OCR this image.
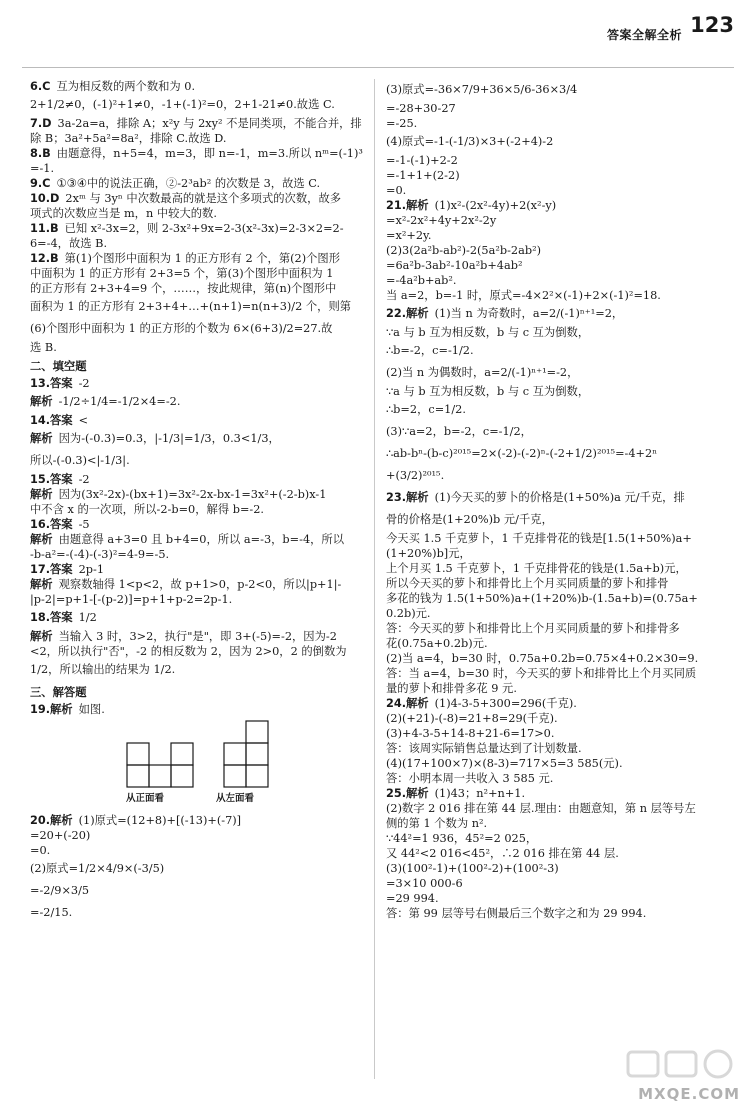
答案全解全析 123
6.C 互为相反数的两个数和为 0.
2+1/2≠0，(-1)²+1≠0，-1+(-1)²=0，2+1-21≠0.故选 C.
7.D 3a-2a=a，排除 A；x²y 与 2xy² 不是同类项，不能合并，排
除 B；3a²+5a²=8a²，排除 C.故选 D.
8.B 由题意得，n+5=4，m=3，即 n=-1，m=3.所以 nᵐ=(-1)³
=-1.
9.C ①③④中的说法正确，②-2³ab² 的次数是 3，故选 C.
10.D 2xᵐ 与 3yⁿ 中次数最高的就是这个多项式的次数，故多
项式的次数应当是 m，n 中较大的数.
11.B 已知 x²-3x=2，则 2-3x²+9x=2-3(x²-3x)=2-3×2=2-
6=-4，故选 B.
12.B 第(1)个图形中面积为 1 的正方形有 2 个，第(2)个图形
中面积为 1 的正方形有 2+3=5 个，第(3)个图形中面积为 1
的正方形有 2+3+4=9 个，……，按此规律，第(n)个图形中
面积为 1 的正方形有 2+3+4+…+(n+1)=n(n+3)/2 个，则第
(6)个图形中面积为 1 的正方形的个数为 6×(6+3)/2=27.故
选 B.
二、填空题
13.答案 -2
解析 -1/2÷1/4=-1/2×4=-2.
14.答案 <
解析 因为-(-0.3)=0.3，|-1/3|=1/3，0.3<1/3，
所以-(-0.3)<|-1/3|.
15.答案 -2
解析 因为(3x²-2x)-(bx+1)=3x²-2x-bx-1=3x²+(-2-b)x-1
中不含 x 的一次项，所以-2-b=0，解得 b=-2.
16.答案 -5
解析 由题意得 a+3=0 且 b+4=0，所以 a=-3，b=-4，所以
-b-a²=-(-4)-(-3)²=4-9=-5.
17.答案 2p-1
解析 观察数轴得 1<p<2，故 p+1>0，p-2<0，所以|p+1|-
|p-2|=p+1-[-(p-2)]=p+1+p-2=2p-1.
18.答案 1/2
解析 当输入 3 时，3>2，执行"是"，即 3+(-5)=-2，因为-2
<2，所以执行"否"，-2 的相反数为 2，因为 2>0，2 的倒数为
1/2，所以输出的结果为 1/2.
三、解答题
19.解析 如图.
从正面看	从左面看
20.解析 (1)原式=(12+8)+[(-13)+(-7)]
=20+(-20)
=0.
(2)原式=1/2×4/9×(-3/5)
=-2/9×3/5
=-2/15.
(3)原式=-36×7/9+36×5/6-36×3/4
=-28+30-27
=-25.
(4)原式=-1-(-1/3)×3+(-2+4)-2
=-1-(-1)+2-2
=-1+1+(2-2)
=0.
21.解析 (1)x²-(2x²-4y)+2(x²-y)
=x²-2x²+4y+2x²-2y
=x²+2y.
(2)3(2a²b-ab²)-2(5a²b-2ab²)
=6a²b-3ab²-10a²b+4ab²
=-4a²b+ab².
当 a=2，b=-1 时，原式=-4×2²×(-1)+2×(-1)²=18.
22.解析 (1)当 n 为奇数时，a=2/(-1)ⁿ⁺¹=2，
∵a 与 b 互为相反数，b 与 c 互为倒数，
∴b=-2，c=-1/2.
(2)当 n 为偶数时，a=2/(-1)ⁿ⁺¹=-2，
∵a 与 b 互为相反数，b 与 c 互为倒数，
∴b=2，c=1/2.
(3)∵a=2，b=-2，c=-1/2，
∴ab-bⁿ-(b-c)²⁰¹⁵=2×(-2)-(-2)ⁿ-(-2+1/2)²⁰¹⁵=-4+2ⁿ
+(3/2)²⁰¹⁵.
23.解析 (1)今天买的萝卜的价格是(1+50%)a 元/千克，排
骨的价格是(1+20%)b 元/千克，
今天买 1.5 千克萝卜，1 千克排骨花的钱是[1.5(1+50%)a+
(1+20%)b]元，
上个月买 1.5 千克萝卜，1 千克排骨花的钱是(1.5a+b)元，
所以今天买的萝卜和排骨比上个月买同质量的萝卜和排骨
多花的钱为 1.5(1+50%)a+(1+20%)b-(1.5a+b)=(0.75a+
0.2b)元.
答：今天买的萝卜和排骨比上个月买同质量的萝卜和排骨多
花(0.75a+0.2b)元.
(2)当 a=4，b=30 时，0.75a+0.2b=0.75×4+0.2×30=9.
答：当 a=4，b=30 时，今天买的萝卜和排骨比上个月买同质
量的萝卜和排骨多花 9 元.
24.解析 (1)4-3-5+300=296(千克).
(2)(+21)-(-8)=21+8=29(千克).
(3)+4-3-5+14-8+21-6=17>0.
答：该周实际销售总量达到了计划数量.
(4)(17+100×7)×(8-3)=717×5=3 585(元).
答：小明本周一共收入 3 585 元.
25.解析 (1)43；n²+n+1.
(2)数字 2 016 排在第 44 层.理由：由题意知，第 n 层等号左
侧的第 1 个数为 n².
∵44²=1 936，45²=2 025，
又 44²<2 016<45²，∴2 016 排在第 44 层.
(3)(100²-1)+(100²-2)+(100²-3)
=3×10 000-6
=29 994.
答：第 99 层等号右侧最后三个数字之和为 29 994.
MXQE.COM
